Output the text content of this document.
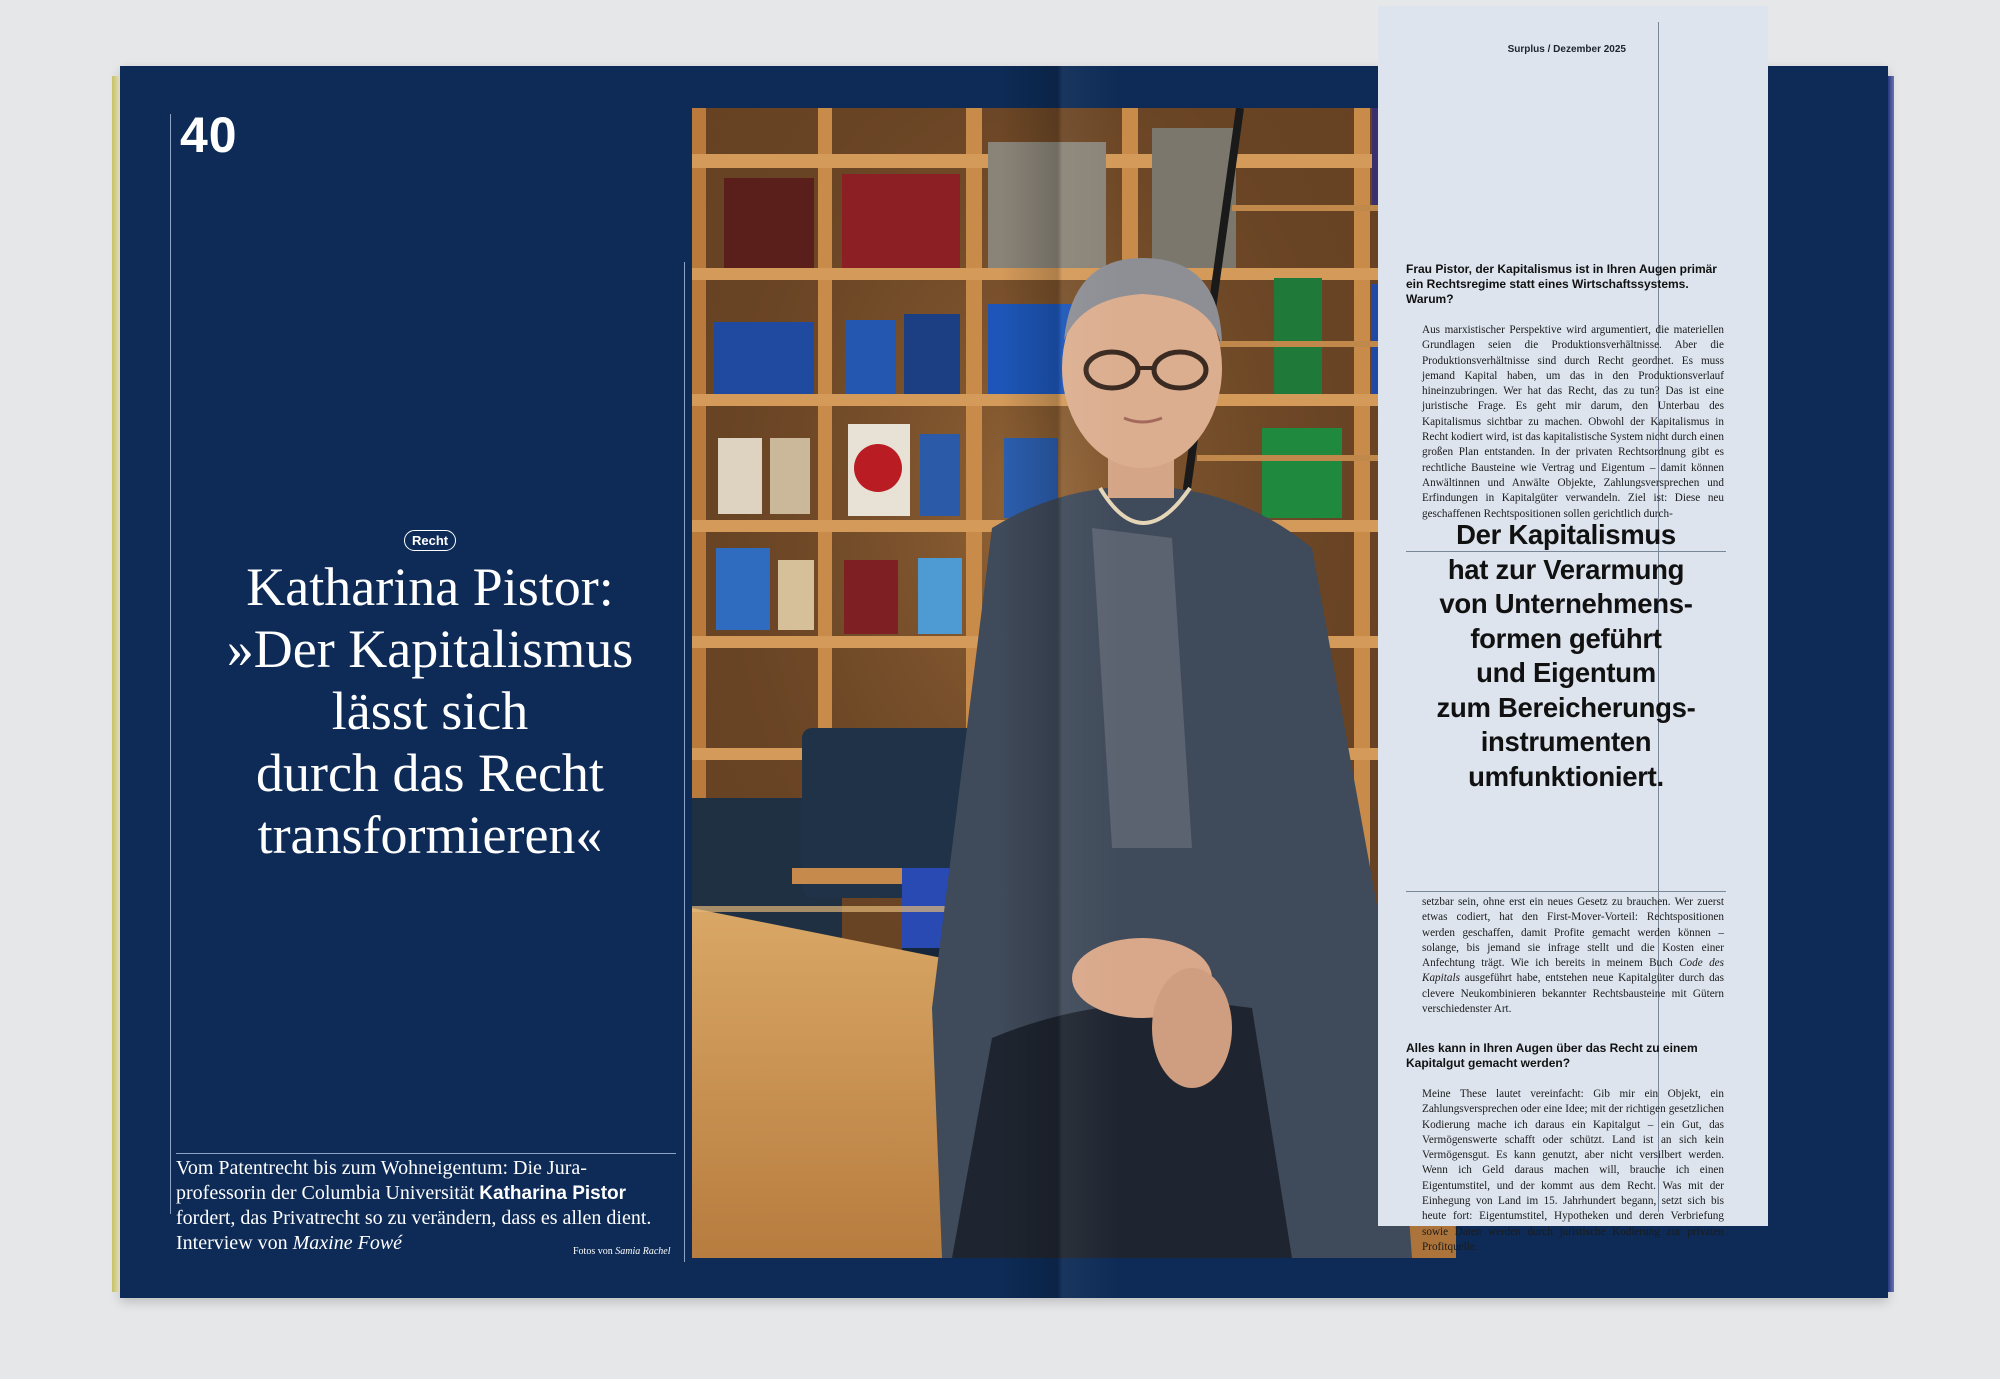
40
Recht
Katharina Pistor:
»Der Kapitalismus
lässt sich
durch das Recht
transformieren«
Vom Patentrecht bis zum Wohneigentum: Die Jura-professorin der Columbia Universität Katharina Pistor fordert, das Privatrecht so zu verändern, dass es allen dient. Interview von Maxine Fowé	Fotos von Samia Rachel
Surplus / Dezember 2025
Frau Pistor, der Kapitalismus ist in Ihren Augen primär ein Rechtsregime statt eines Wirtschaftssystems. Warum?
Aus marxistischer Perspektive wird argumentiert, die materiellen Grundlagen seien die Produktionsverhältnisse. Aber die Produktionsverhältnisse sind durch Recht geordnet. Es muss jemand Kapital haben, um das in den Produktionsverlauf hineinzubringen. Wer hat das Recht, das zu tun? Das ist eine juristische Frage. Es geht mir darum, den Unterbau des Kapitalismus sichtbar zu machen. Obwohl der Kapitalismus in Recht kodiert wird, ist das kapitalistische System nicht durch einen großen Plan entstanden. In der privaten Rechtsordnung gibt es rechtliche Bausteine wie Vertrag und Eigentum – damit können Anwältinnen und Anwälte Objekte, Zahlungsversprechen und Erfindungen in Kapitalgüter verwandeln. Ziel ist: Diese neu geschaffenen Rechtspositionen sollen gerichtlich durch-
Der Kapitalismus
hat zur Verarmung
von Unternehmens-
formen geführt
und Eigentum
zum Bereicherungs-
instrumenten
umfunktioniert.
setzbar sein, ohne erst ein neues Gesetz zu brauchen. Wer zuerst etwas codiert, hat den First-Mover-Vorteil: Rechtspositionen werden geschaffen, damit Profite gemacht werden können – solange, bis jemand sie infrage stellt und die Kosten einer Anfechtung trägt. Wie ich bereits in meinem Buch Code des Kapitals ausgeführt habe, entstehen neue Kapitalgüter durch das clevere Neukombinieren bekannter Rechtsbausteine mit Gütern verschiedenster Art.
Alles kann in Ihren Augen über das Recht zu einem Kapitalgut gemacht werden?
Meine These lautet vereinfacht: Gib mir ein Objekt, ein Zahlungsversprechen oder eine Idee; mit der richtigen gesetzlichen Kodierung mache ich daraus ein Kapitalgut – ein Gut, das Vermögenswerte schafft oder schützt. Land ist an sich kein Vermögensgut. Es kann genutzt, aber nicht versilbert werden. Wenn ich Geld daraus machen will, brauche ich einen Eigentumstitel, und der kommt aus dem Recht. Was mit der Einhegung von Land im 15. Jahrhundert begann, setzt sich bis heute fort: Eigentumstitel, Hypotheken und deren Verbriefung sowie Daten werden durch juristische Kodierung zur privaten Profitquelle.
